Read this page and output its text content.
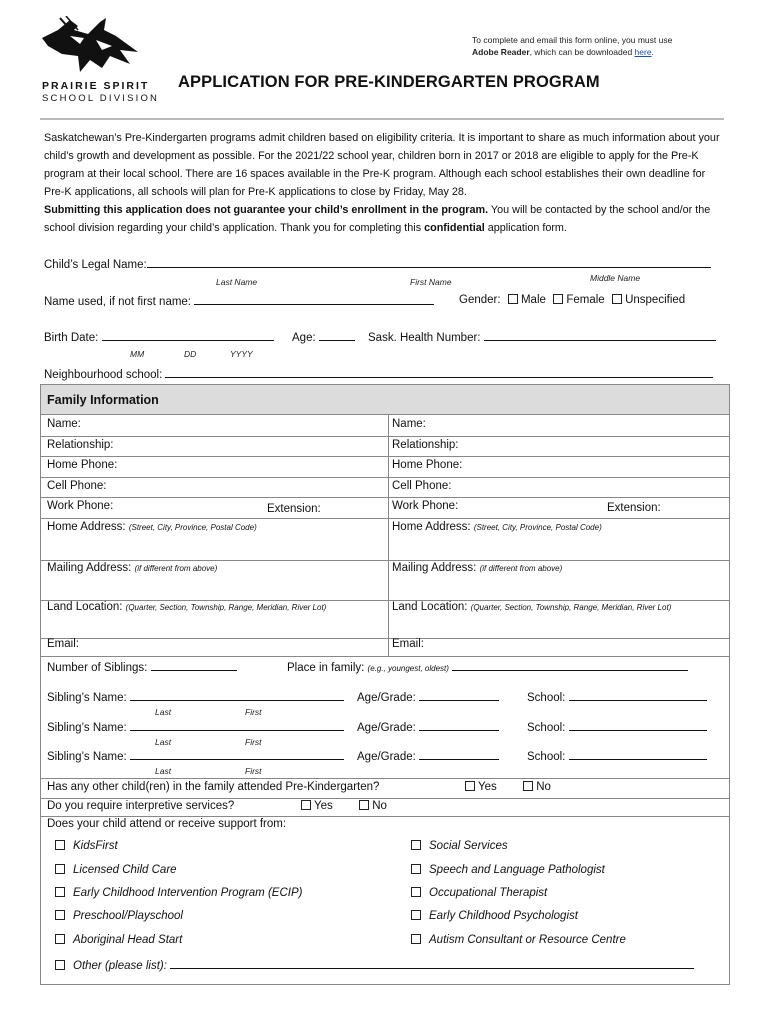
PRAIRIE SPIRIT
SCHOOL DIVISION
To complete and email this form online, you must use
Adobe Reader, which can be downloaded here.
APPLICATION FOR PRE-KINDERGARTEN PROGRAM
Saskatchewan’s Pre-Kindergarten programs admit children based on eligibility criteria. It is important to share as much information about your child’s growth and development as possible. For the 2021/22 school year, children born in 2017 or 2018 are eligible to apply for the Pre-K program at their local school. There are 16 spaces available in the Pre-K program. Although each school establishes their own deadline for Pre-K applications, all schools will plan for Pre-K applications to close by Friday, May 28.
Submitting this application does not guarantee your child’s enrollment in the program. You will be contacted by the school and/or the school division regarding your child’s application. Thank you for completing this confidential application form.
Child’s Legal Name:
Last Name	First Name	Middle Name
Name used, if not first name:	Gender: Male Female Unspecified
Birth Date:	Age:	Sask. Health Number:
MM	DD	YYYY
Neighbourhood school:
Family Information
Name:
Relationship:
Home Phone:
Cell Phone:
Work Phone:	Extension:
Home Address: (Street, City, Province, Postal Code)
Mailing Address: (if different from above)
Land Location: (Quarter, Section, Township, Range, Meridian, River Lot)
Email:
Name:
Relationship:
Home Phone:
Cell Phone:
Work Phone:	Extension:
Home Address: (Street, City, Province, Postal Code)
Mailing Address: (if different from above)
Land Location: (Quarter, Section, Township, Range, Meridian, River Lot)
Email:
Number of Siblings:	Place in family: (e.g., youngest, oldest)
Sibling’s Name:	Age/Grade:	School:
Last	First
Sibling’s Name:	Age/Grade:	School:
Last	First
Sibling’s Name:	Age/Grade:	School:
Last	First
Has any other child(ren) in the family attended Pre-Kindergarten?	Yes	No
Do you require interpretive services?	Yes	No
Does your child attend or receive support from:
KidsFirst
Licensed Child Care
Early Childhood Intervention Program (ECIP)
Preschool/Playschool
Aboriginal Head Start
Social Services
Speech and Language Pathologist
Occupational Therapist
Early Childhood Psychologist
Autism Consultant or Resource Centre
Other (please list):
